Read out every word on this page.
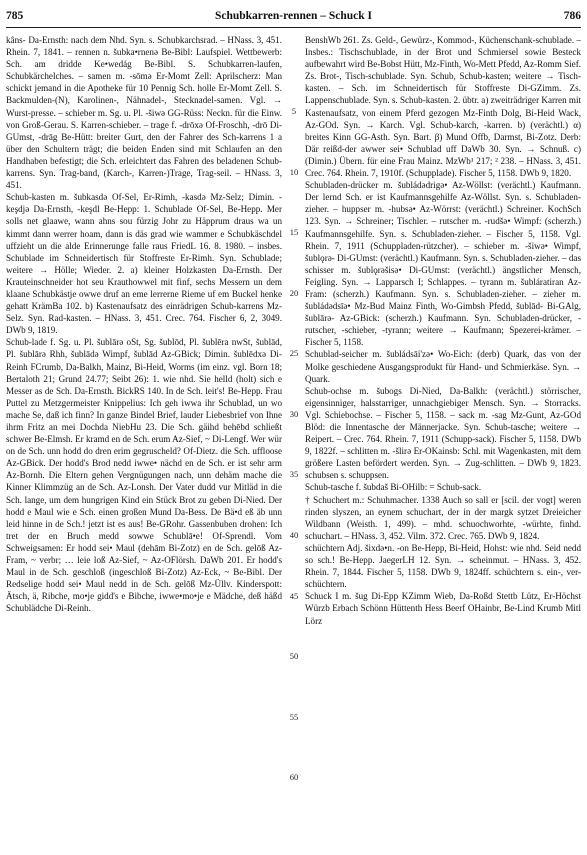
785	Schubkarren-rennen – Schuck I	786

kâns- Da-Ernsth: nach dem Nhd. Syn. s. Schubkarchsrad. – HNass. 3, 451. Rhein. 7, 1841. – rennen n. šubka•rnenə Be-Bibl: Laufspiel. Wettbewerb: Sch. am dridde Ke•wedág Be-Bibl. S. Schubkarren-laufen, Schubkärchelches. – samen m. -sōmə Er-Momt Zell: Aprilscherz: Man schickt jemand in die Apotheke für 10 Pennig Sch. holle Er-Momt Zell. S. Backmulden-(N), Karolinen-, Nähnadel-, Stecknadel-samen. Vgl. → Wurst-presse. – schieber m. Sg. u. Pl. -šiwə GG-Rüss: Neckn. für die Einw. von Groß-Gerau. S. Karren-schieber. – trage f. -drōxə Of-Froschh, -drō Di-GUmst, -drāg Be-Hütt: breiter Gurt, den der Fahrer des Sch-karrens 1 a über den Schultern trägt; die beiden Enden sind mit Schlaufen an den Handhaben befestigt; die Sch. erleichtert das Fahren des beladenen Schub-karrens. Syn. Trag-band, (Karch-, Karren-)Trage, Trag-seil. – HNass. 3, 451.

Schub-kasten m. šubkasdə Of-Sel, Er-Rimh, -kasdə Mz-Selz; Dimin. -keşdjə Da-Ernsth, -keşdl Be-Hepp: 1. Schublade Of-Sel, Be-Hepp. Mer solls net glaawe, wann ahns sou fürzig Johr zu Häpprum draus wa un kimmt dann werrer hoam, dann is däs grad wie wammer e Schubkäschdel uffzieht un die alde Erinnerunge falle raus FriedL 16. 8. 1980. – insbes. Schublade im Schneidertisch für Stoffreste Er-Rimh. Syn. Schublade; weitere → Hölle; Wieder. 2. a) kleiner Holzkasten Da-Ernsth. Der Krauteinschneider hot seu Krauthowwel mit finf, sechs Messern un dem klaane Schubkästje owwe druf an eme lerrerne Rieme uf em Buckel henke gehatt KrämBa 102. b) Kastenaufsatz des einrädrigen Schub-karrens Mz-Selz. Syn. Rad-kasten. – HNass. 3, 451. Crec. 764. Fischer 6, 2, 3049. DWb 9, 1819.

Schub-lade f. Sg. u. Pl. šublārə oSt, Sg. šublōd, Pl. šublēra nwSt, šublād, Pl. šublārə Rhh, šublādə Wimpf, šublād Az-GBick; Dimin. šublēdxə Di-Reinh FCrumb, Da-Balkh, Mainz, Bi-Heid, Worms (im einz. vgl. Born 18; Bertaloth 21; Grund 24.77; Seibt 26): 1. wie nhd. Sie helld (holt) sich e Messer as de Sch. Da-Ernsth. BickRS 140. In de Sch. leit's! Be-Hepp. Frau Puttel zu Metzgermeister Knippelius: Ich geh iwwa ihr Schublad, un wo mache Se, daß ich finn? In ganze Bindel Brief, lauder Liebesbrief von Ihne ihrm Fritz an mei Dochda NiebHu 23. Die Sch. gäihd behēbd schließt schwer Be-Elmsh. Er kramd en de Sch. erum Az-Sief, ~ Di-Lengf. Wer wür on de Sch. unn hodd do dren erim gegruscheld? Of-Dietz. die Sch. uffloose Az-GBick. Der hodd's Brod nedd iwwe• nächd en de Sch. er ist sehr arm Az-Bornh. Die Eltern gehen Vergnügungen nach, unn dehäm mache die Kinner Klimmzüg an de Sch. Az-Lonsh. Der Vater dudd vur Mitläd in die Sch. lange, um dem hungrigen Kind ein Stück Brot zu geben Di-Nied. Der hodd e Maul wie e Sch. einen großen Mund Da-Bess. De Bä•d eß äb unn leid hinne in de Sch.! jetzt ist es aus! Be-GRohr. Gassenbuben drohen: Ich tret der en Bruch medd sowwe Schublā•e! Of-Sprendl. Vom Schweigsamen: Er hodd sei• Maul (dehām Bi-Zotz) en de Sch. gelōß Az-Fram, ~ verbr; … leie loß Az-Sief, ~ Az-OFlörsh. DaWb 201. Er hodd's Maul in de Sch. geschloß (ingeschloß Bi-Zotz) Az-Eck, ~ Be-Bibl. Der Redselige hodd sei• Maul nedd in de Sch. gelōß Mz-Üllv. Kinderspott: Ätsch, ä, Ribche, mo•je gidd's e Bibche, iwwe•mo•je e Mädche, deß häßd Schublädche Di-Reinh.

5
10
15
20
25
30
35
40
45
50
55
60

BenshWb 261. Zs. Geld-, Gewürz-, Kommod-, Küchenschank-schublade. – Insbes.: Tischschublade, in der Brot und Schmiersel sowie Besteck aufbewahrt wird Be-Bobst Hütt, Mz-Finth, Wo-Mett Pfedd, Az-Romm Sief. Zs. Brot-, Tisch-schublade. Syn. Schub, Schub-kasten; weitere → Tisch-kasten. – Sch. im Schneidertisch für Stoffreste Di-GZimm. Zs. Lappenschublade. Syn. s. Schub-kasten. 2. übtr. a) zweiträdriger Karren mit Kastenaufsatz, von einem Pferd gezogen Mz-Finth Dolg, Bi-Heid Wack, Az-GOd. Syn. → Karch. Vgl. Schub-karch, -karren. b) (verächtl.) α) breites Kinn GG-Asth. Syn. Bart. β) Mund Offb, Darmst, Bi-Zotz. Derb: Där reißd-der awwer sei• Schublad uff DaWb 30. Syn. → Schnuß. c) (Dimin.) Übern. für eine Frau Mainz. MzWb¹ 217; ² 238. – HNass. 3, 451. Crec. 764. Rhein. 7, 1910f. (Schupplade). Fischer 5, 1158. DWb 9, 1820.

Schubladen-drücker m. šubládədrigə• Az-Wöllst: (verächtl.) Kaufmann. Der lernd Sch. er ist Kaufmannsgehilfe Az-Wöllst. Syn. s. Schubladen-zieher. – huppser m. -hubsə• Az-Wörrst: (verächtl.) Schreiner. KochSch 123. Syn. → Schreiner; Tischler. – rutscher m. -rudšə• Wimpf: (scherzh.) Kaufmannsgehilfe. Syn. s. Schubladen-zieher. – Fischer 5, 1158. Vgl. Rhein. 7, 1911 (Schuppladen-rützcher). – schieber m. -šiwə• Wimpf, šublǫrə- Di-GUmst: (verächtl.) Kaufmann. Syn. s. Schubladen-zieher. – das schisser m. šublǫrəšisə• Di-GUmst: (verächtl.) ängstlicher Mensch, Feigling. Syn. → Lapparsch I; Schlappes. – tyrann m. šubláratiran Az-Fram: (scherzh.) Kaufmann. Syn. s. Schubladen-zieher. – zieher m. šubládədsīə• Mz-Bud Mainz Finth, Wo-Gimbsh Pfedd, šublād- Bi-GAlg, šublārə- Az-GBick: (scherzh.) Kaufmann. Syn. Schubladen-drücker, -rutscher, -schieber, -tyrann; weitere → Kaufmann; Spezerei-krämer. – Fischer 5, 1158.

Schublad-seicher m. šubládsāi'zə• Wo-Eich: (derb) Quark, das von der Molke geschiedene Ausgangsprodukt für Hand- und Schmierkäse. Syn. → Quark.

Schub-ochse m. šubogs Di-Nied, Da-Balkh: (verächtl.) störrischer, eigensinniger, halsstarriger, unnachgiebiger Mensch. Syn. → Storracks. Vgl. Schiebochse. – Fischer 5, 1158. – sack m. -sag Mz-Gunt, Az-GOd Blöd: die Innentasche der Männerjacke. Syn. Schub-tasche; weitere → Reipert. – Crec. 764. Rhein. 7, 1911 (Schupp-sack). Fischer 5, 1158. DWb 9, 1822f. – schlitten m. -šlirə Er-OKainsb: Schl. mit Wagenkasten, mit dem größere Lasten befördert werden. Syn. → Zug-schlitten. – DWb 9, 1823. schubsen s. schuppsen.

Schub-tasche f. šubdaš Bi-OHilb: = Schub-sack.

† Schuchert m.: Schuhmacher. 1338 Auch so sall er [scil. der vogt] weren rinden slyszen, an eynem schuchart, der in der margk sytzet Dreieicher Wildbann (Weisth. 1, 499). – mhd. schuochworhte, -würhte, finhd. schuchart. – HNass. 3, 452. Vilm. 372. Crec. 765. DWb 9, 1824.

schüchtern Adj. šixdə•n. -on Be-Hepp, Bi-Heid, Hohst: wie nhd. Seid nedd so sch.! Be-Hepp. JaegerLH 12. Syn. → scheinmut. – HNass. 3, 452. Rhein. 7, 1844. Fischer 5, 1158. DWb 9, 1824ff. schüchtern s. ein-, ver-schüchtern.

Schuck I m. šug Di-Epp KZimm Wieb, Da-Roßd Stettb Lütz, Er-Höchst Würzb Erbach Schönn Hüttenth Hess Beerf OHainbr, Be-Lind Krumb Mitl Lörz
